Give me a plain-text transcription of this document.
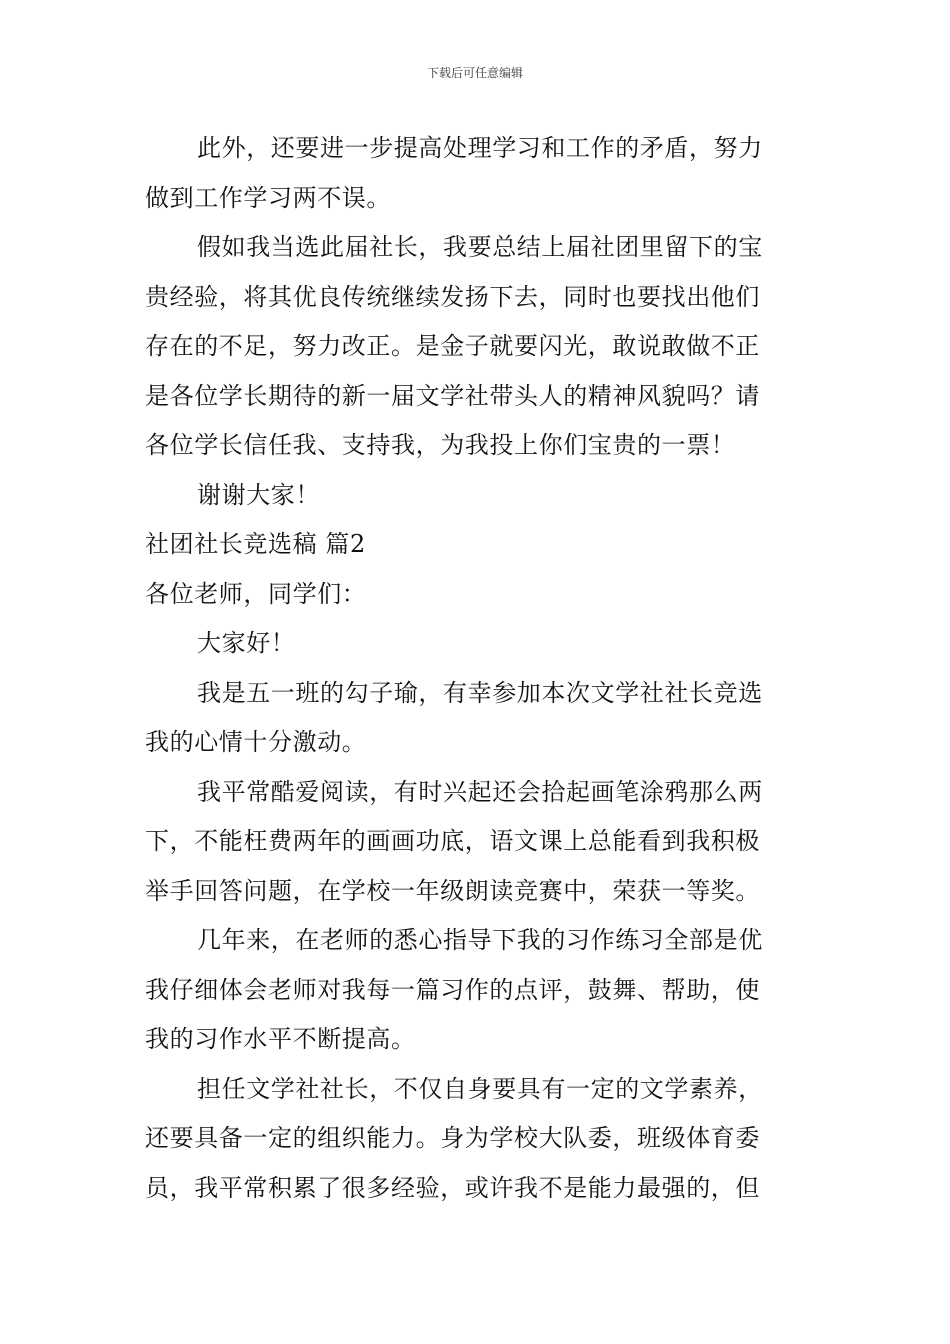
下载后可任意编辑
此外，还要进一步提高处理学习和工作的矛盾，努力
做到工作学习两不误。
假如我当选此届社长，我要总结上届社团里留下的宝
贵经验，将其优良传统继续发扬下去，同时也要找出他们
存在的不足，努力改正。是金子就要闪光，敢说敢做不正
是各位学长期待的新一届文学社带头人的精神风貌吗？请
各位学长信任我、支持我，为我投上你们宝贵的一票！
谢谢大家！
社团社长竞选稿 篇2
各位老师，同学们：
大家好！
我是五一班的勾子瑜，有幸参加本次文学社社长竞选
我的心情十分激动。
我平常酷爱阅读，有时兴起还会拾起画笔涂鸦那么两
下，不能枉费两年的画画功底，语文课上总能看到我积极
举手回答问题，在学校一年级朗读竞赛中，荣获一等奖。
几年来，在老师的悉心指导下我的习作练习全部是优
我仔细体会老师对我每一篇习作的点评，鼓舞、帮助，使
我的习作水平不断提高。
担任文学社社长，不仅自身要具有一定的文学素养，
还要具备一定的组织能力。身为学校大队委，班级体育委
员，我平常积累了很多经验，或许我不是能力最强的，但
